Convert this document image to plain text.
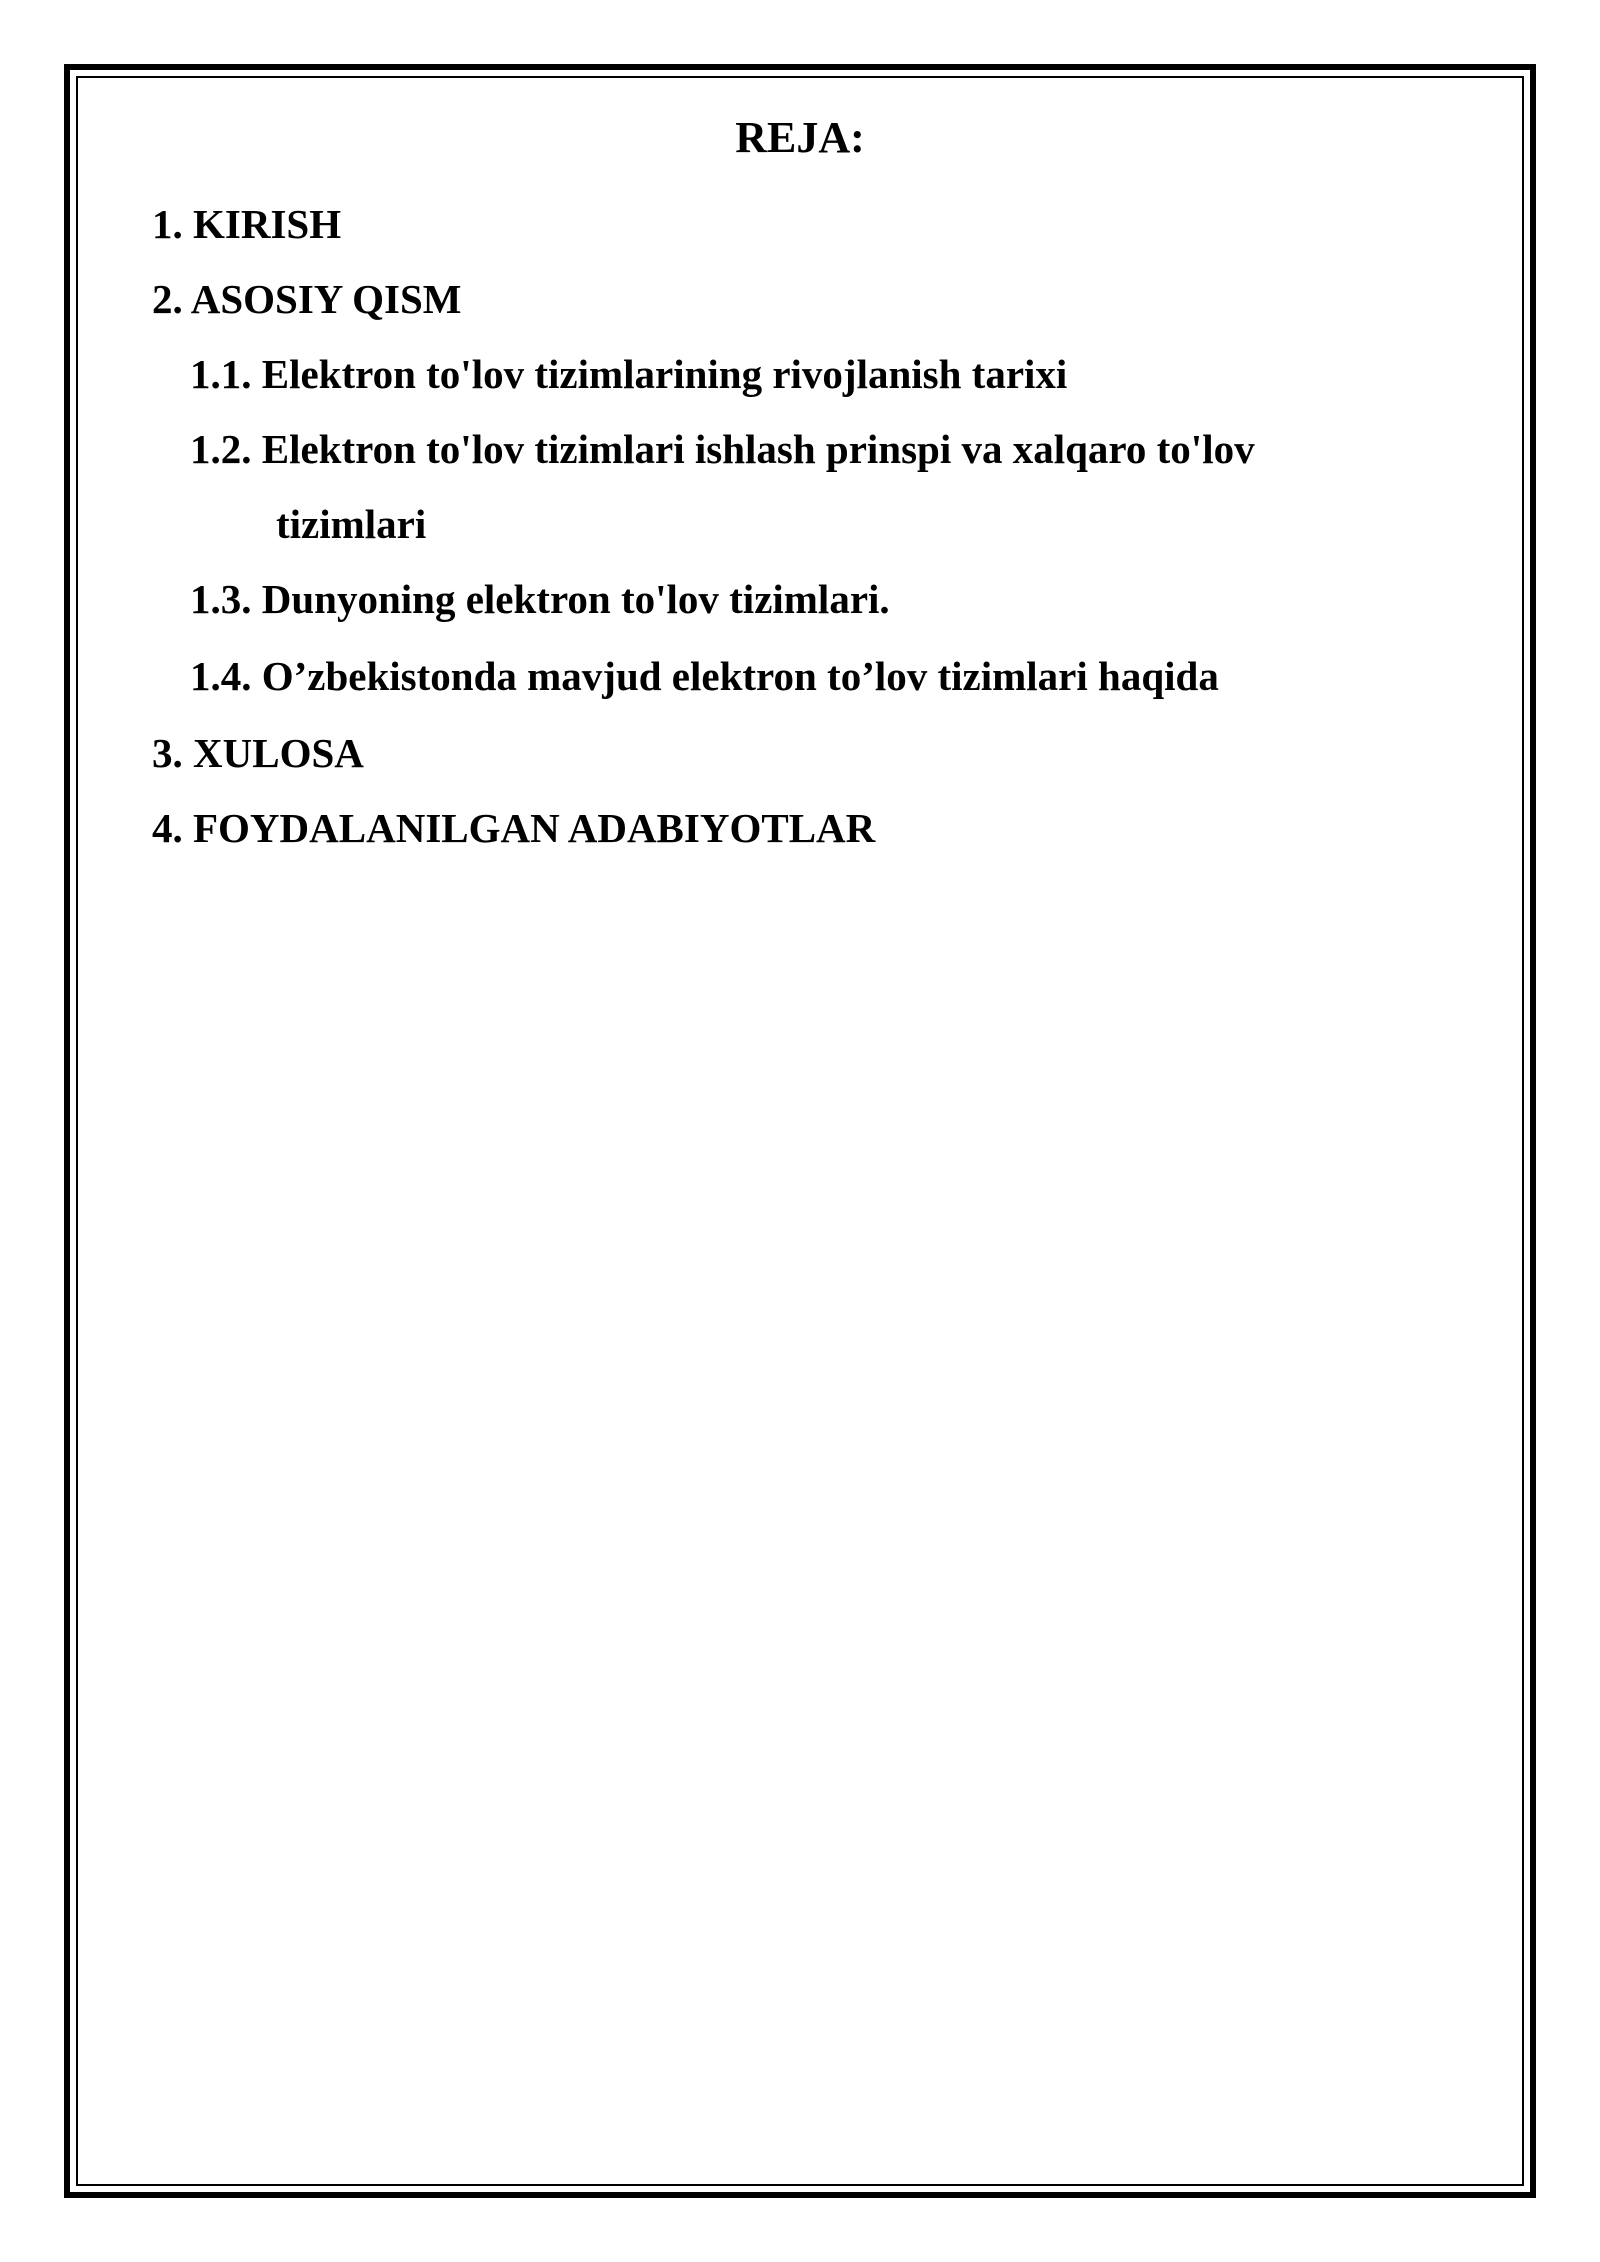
REJA:

1. KIRISH

2. ASOSIY QISM

1.1. Elektron to'lov tizimlarining rivojlanish tarixi

1.2. Elektron to'lov tizimlari ishlash prinspi va xalqaro to'lov

tizimlari

1.3. Dunyoning elektron to'lov tizimlari.

1.4. O’zbekistonda mavjud elektron to’lov tizimlari haqida

3. XULOSA

4. FOYDALANILGAN ADABIYOTLAR
